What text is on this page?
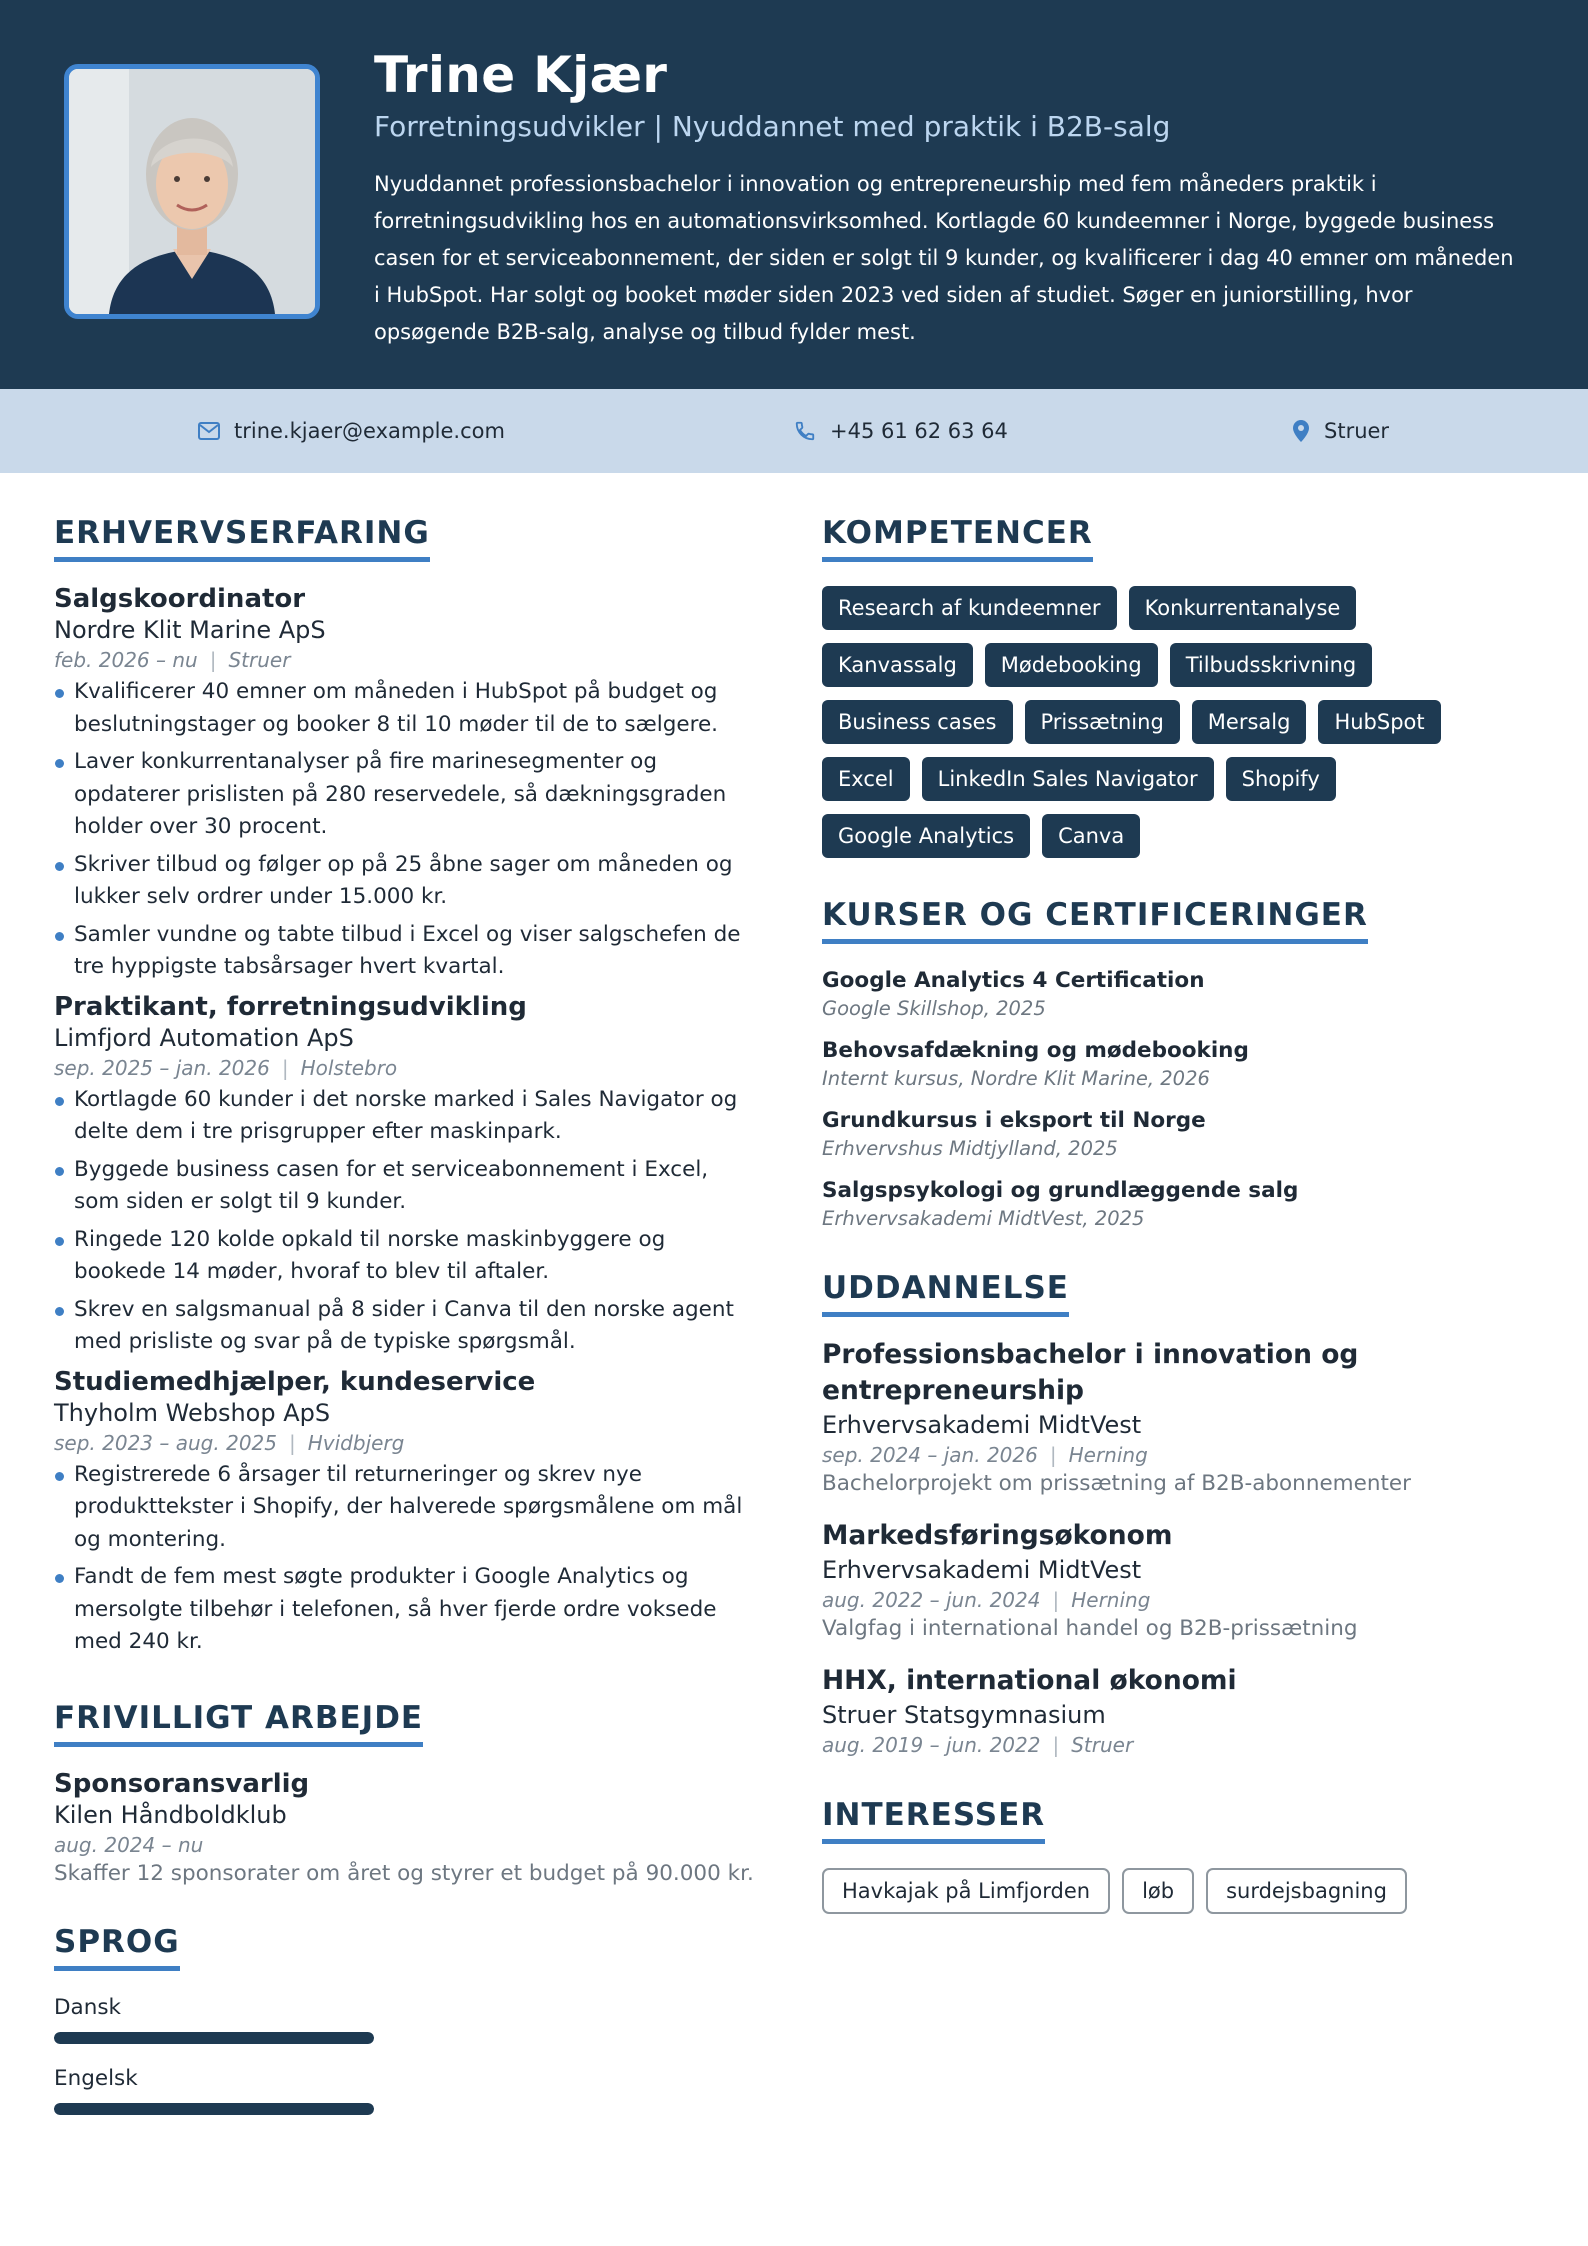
Trine Kjær
Forretningsudvikler | Nyuddannet med praktik i B2B-salg
Nyuddannet professionsbachelor i innovation og entrepreneurship med fem måneders praktik i forretningsudvikling hos en automationsvirksomhed. Kortlagde 60 kundeemner i Norge, byggede business casen for et serviceabonnement, der siden er solgt til 9 kunder, og kvalificerer i dag 40 emner om måneden i HubSpot. Har solgt og booket møder siden 2023 ved siden af studiet. Søger en juniorstilling, hvor opsøgende B2B-salg, analyse og tilbud fylder mest.
trine.kjaer@example.com	+45 61 62 63 64	Struer
ERHVERVSERFARING
Salgskoordinator
Nordre Klit Marine ApS
feb. 2026 – nu | Struer
Kvalificerer 40 emner om måneden i HubSpot på budget og beslutningstager og booker 8 til 10 møder til de to sælgere.
Laver konkurrentanalyser på fire marinesegmenter og opdaterer prislisten på 280 reservedele, så dækningsgraden holder over 30 procent.
Skriver tilbud og følger op på 25 åbne sager om måneden og lukker selv ordrer under 15.000 kr.
Samler vundne og tabte tilbud i Excel og viser salgschefen de tre hyppigste tabsårsager hvert kvartal.
Praktikant, forretningsudvikling
Limfjord Automation ApS
sep. 2025 – jan. 2026 | Holstebro
Kortlagde 60 kunder i det norske marked i Sales Navigator og delte dem i tre prisgrupper efter maskinpark.
Byggede business casen for et serviceabonnement i Excel, som siden er solgt til 9 kunder.
Ringede 120 kolde opkald til norske maskinbyggere og bookede 14 møder, hvoraf to blev til aftaler.
Skrev en salgsmanual på 8 sider i Canva til den norske agent med prisliste og svar på de typiske spørgsmål.
Studiemedhjælper, kundeservice
Thyholm Webshop ApS
sep. 2023 – aug. 2025 | Hvidbjerg
Registrerede 6 årsager til returneringer og skrev nye produkttekster i Shopify, der halverede spørgsmålene om mål og montering.
Fandt de fem mest søgte produkter i Google Analytics og mersolgte tilbehør i telefonen, så hver fjerde ordre voksede med 240 kr.
FRIVILLIGT ARBEJDE
Sponsoransvarlig
Kilen Håndboldklub
aug. 2024 – nu
Skaffer 12 sponsorater om året og styrer et budget på 90.000 kr.
SPROG
Dansk
Engelsk
KOMPETENCER
Research af kundeemner	Konkurrentanalyse
Kanvassalg	Mødebooking	Tilbudsskrivning
Business cases	Prissætning	Mersalg	HubSpot
Excel	LinkedIn Sales Navigator	Shopify
Google Analytics	Canva
KURSER OG CERTIFICERINGER
Google Analytics 4 Certification
Google Skillshop, 2025
Behovsafdækning og mødebooking
Internt kursus, Nordre Klit Marine, 2026
Grundkursus i eksport til Norge
Erhvervshus Midtjylland, 2025
Salgspsykologi og grundlæggende salg
Erhvervsakademi MidtVest, 2025
UDDANNELSE
Professionsbachelor i innovation og entrepreneurship
Erhvervsakademi MidtVest
sep. 2024 – jan. 2026 | Herning
Bachelorprojekt om prissætning af B2B-abonnementer
Markedsføringsøkonom
Erhvervsakademi MidtVest
aug. 2022 – jun. 2024 | Herning
Valgfag i international handel og B2B-prissætning
HHX, international økonomi
Struer Statsgymnasium
aug. 2019 – jun. 2022 | Struer
INTERESSER
Havkajak på Limfjorden	løb	surdejsbagning
